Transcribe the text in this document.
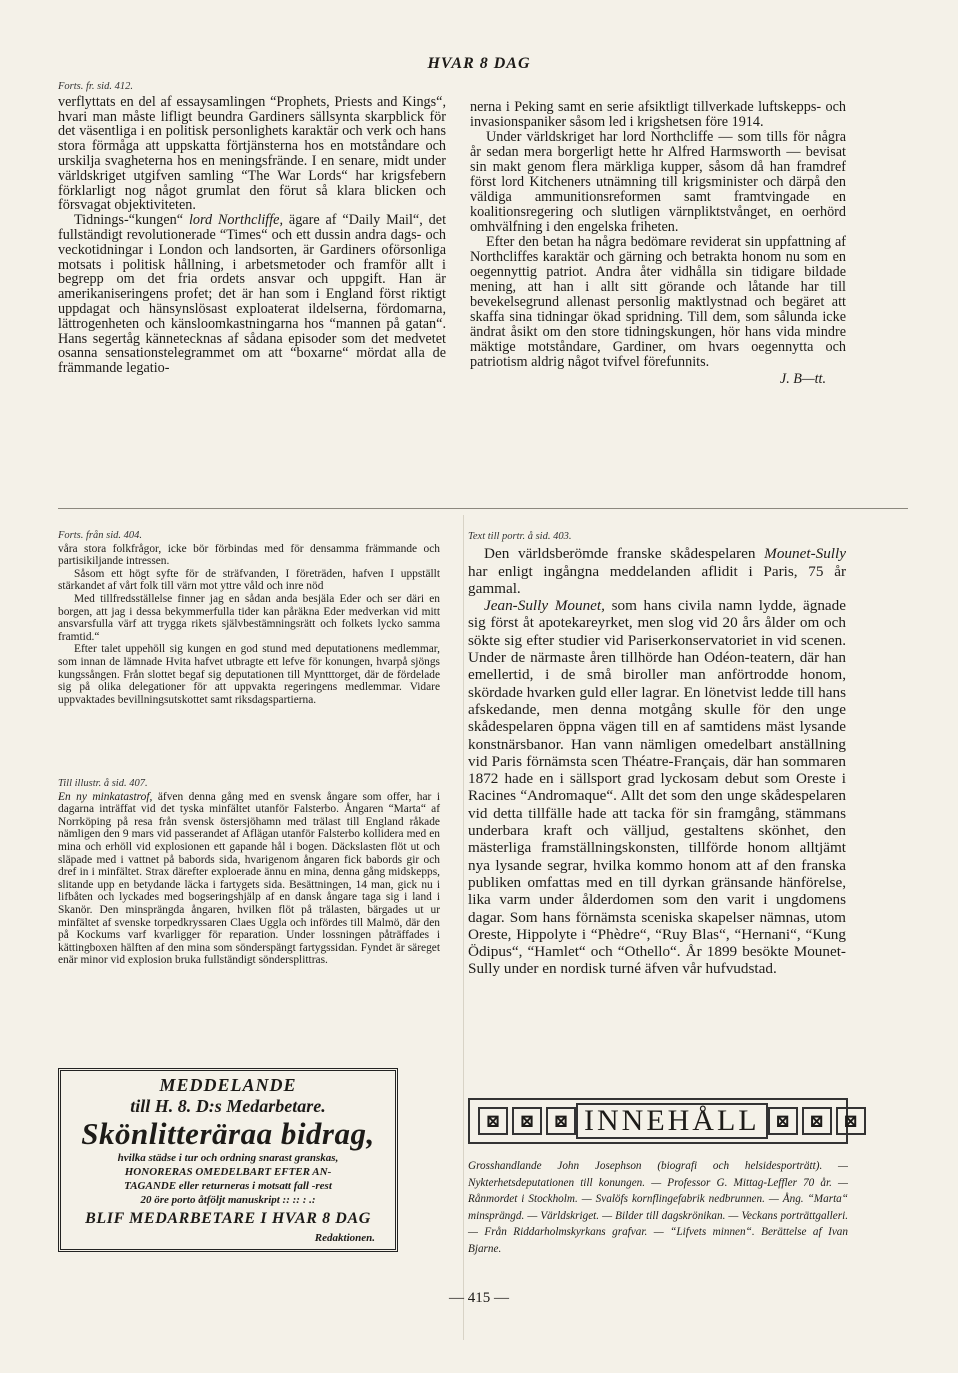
HVAR 8 DAG

Forts. fr. sid. 412.

verflyttats en del af essaysamlingen “Prophets, Priests and Kings“, hvari man måste lifligt beundra Gardiners sällsynta skarpblick för det väsentliga i en politisk personlighets karaktär och verk och hans stora förmåga att uppskatta förtjänsterna hos en motståndare och urskilja svagheterna hos en meningsfrände. I en senare, midt under världskriget utgifven samling “The War Lords“ har krigsfebern förklarligt nog något grumlat den förut så klara blicken och försvagat objektiviteten.

Tidnings-“kungen“ lord Northcliffe, ägare af “Daily Mail“, det fullständigt revolutionerade “Times“ och ett dussin andra dags- och veckotidningar i London och landsorten, är Gardiners oförsonliga motsats i politisk hållning, i arbetsmetoder och framför allt i begrepp om det fria ordets ansvar och uppgift. Han är amerikaniseringens profet; det är han som i England först riktigt uppdagat och hänsynslösast exploaterat ildelserna, fördomarna, lättrogenheten och känsloomkastningarna hos “mannen på gatan“. Hans segertåg kännetecknas af sådana episoder som det medvetet osanna sensationstelegrammet om att “boxarne“ mördat alla de främmande legatio-

nerna i Peking samt en serie afsiktligt tillverkade luftskepps- och invasionspaniker såsom led i krigshetsen före 1914.

Under världskriget har lord Northcliffe — som tills för några år sedan mera borgerligt hette hr Alfred Harmsworth — bevisat sin makt genom flera märkliga kupper, såsom då han framdref först lord Kitcheners utnämning till krigsminister och därpå den väldiga ammunitionsreformen samt framtvingade en koalitionsregering och slutligen värnpliktstvånget, en oerhörd omhvälfning i den engelska friheten.

Efter den betan ha några bedömare reviderat sin uppfattning af Northcliffes karaktär och gärning och betrakta honom nu som en oegennyttig patriot. Andra åter vidhålla sin tidigare bildade mening, att han i allt sitt görande och låtande har till bevekelsegrund allenast personlig maktlystnad och begäret att skaffa sina tidningar ökad spridning. Till dem, som sålunda icke ändrat åsikt om den store tidningskungen, hör hans vida mindre mäktige motståndare, Gardiner, om hvars oegennytta och patriotism aldrig något tvifvel förefunnits.

J. B—tt.

Forts. från sid. 404.

våra stora folkfrågor, icke bör förbindas med för densamma främmande och partisikiljande intressen.

Såsom ett högt syfte för de sträfvanden, I företräden, hafven I uppställt stärkandet af vårt folk till värn mot yttre våld och inre nöd

Med tillfredsställelse finner jag en sådan anda besjäla Eder och ser däri en borgen, att jag i dessa bekymmerfulla tider kan påräkna Eder medverkan vid mitt ansvarsfulla värf att trygga rikets självbestämningsrätt och folkets lycko samma framtid.“

Efter talet uppehöll sig kungen en god stund med deputationens medlemmar, som innan de lämnade Hvita hafvet utbragte ett lefve för konungen, hvarpå sjöngs kungssången. Från slottet begaf sig deputationen till Myntttorget, där de fördelade sig på olika delegationer för att uppvakta regeringens medlemmar. Vidare uppvaktades bevillningsutskottet samt riksdagspartierna.

Till illustr. å sid. 407.

En ny minkatastrof, äfven denna gång med en svensk ångare som offer, har i dagarna inträffat vid det tyska minfältet utanför Falsterbo. Ångaren “Marta“ af Norrköping på resa från svensk östersjöhamn med trälast till England råkade nämligen den 9 mars vid passerandet af Aflägan utanför Falsterbo kollidera med en mina och erhöll vid explosionen ett gapande hål i bogen. Däckslasten flöt ut och släpade med i vattnet på babords sida, hvarigenom ångaren fick babords gir och dref in i minfältet. Strax därefter exploerade ännu en mina, denna gång midskepps, slitande upp en betydande läcka i fartygets sida. Besättningen, 14 man, gick nu i lifbåten och lyckades med bogseringshjälp af en dansk ångare taga sig i land i Skanör. Den minsprängda ångaren, hvilken flöt på trälasten, bärgades ut ur minfältet af svenske torpedkryssaren Claes Uggla och infördes till Malmö, där den på Kockums varf kvarligger för reparation. Under lossningen påträffades i kättingboxen hälften af den mina som sönderspängt fartygssidan. Fyndet är säreget enär minor vid explosion bruka fullständigt söndersplittras.

Text till portr. å sid. 403.

Den världsberömde franske skådespelaren Mounet-Sully har enligt ingångna meddelanden aflidit i Paris, 75 år gammal.

Jean-Sully Mounet, som hans civila namn lydde, ägnade sig först åt apotekareyrket, men slog vid 20 års ålder om och sökte sig efter studier vid Pariserkonservatoriet in vid scenen. Under de närmaste åren tillhörde han Odéon-teatern, där han emellertid, i de små biroller man anförtrodde honom, skördade hvarken guld eller lagrar. En lönetvist ledde till hans afskedande, men denna motgång skulle för den unge skådespelaren öppna vägen till en af samtidens mäst lysande konstnärsbanor. Han vann nämligen omedelbart anställning vid Paris förnämsta scen Théatre-Français, där han sommaren 1872 hade en i sällsport grad lyckosam debut som Oreste i Racines “Andromaque“. Allt det som den unge skådespelaren vid detta tillfälle hade att tacka för sin framgång, stämmans underbara kraft och välljud, gestaltens skönhet, den mästerliga framställningskonsten, tillförde honom alltjämt nya lysande segrar, hvilka kommo honom att af den franska publiken omfattas med en till dyrkan gränsande hänförelse, lika varm under ålderdomen som den varit i ungdomens dagar. Som hans förnämsta sceniska skapelser nämnas, utom Oreste, Hippolyte i “Phèdre“, “Ruy Blas“, “Hernani“, “Kung Ödipus“, “Hamlet“ och “Othello“. År 1899 besökte Mounet-Sully under en nordisk turné äfven vår hufvudstad.

MEDDELANDE
till H. 8. D:s Medarbetare.
Skönlitteräraa bidrag,
hvilka städse i tur och ordning snarast granskas,
HONORERAS OMEDELBART EFTER AN-
TAGANDE eller returneras i motsatt fall -rest
20 öre porto åtföljt manuskript :: :: : .:
BLIF MEDARBETARE I HVAR 8 DAG
Redaktionen.
⊠	⊠	⊠ INNEHÅLL ⊠	⊠	⊠
Grosshandlande John Josephson (biografi och helsidesporträtt). — Nykterhetsdeputationen till konungen. — Professor G. Mittag-Leffler 70 år. — Rånmordet i Stockholm. — Svalöfs kornflingefabrik nedbrunnen. — Ång. “Marta“ minsprängd. — Världskriget. — Bilder till dagskrönikan. — Veckans porträttgalleri. — Från Riddarholmskyrkans grafvar. — “Lifvets minnen“. Berättelse af Ivan Bjarne.
— 415 —
